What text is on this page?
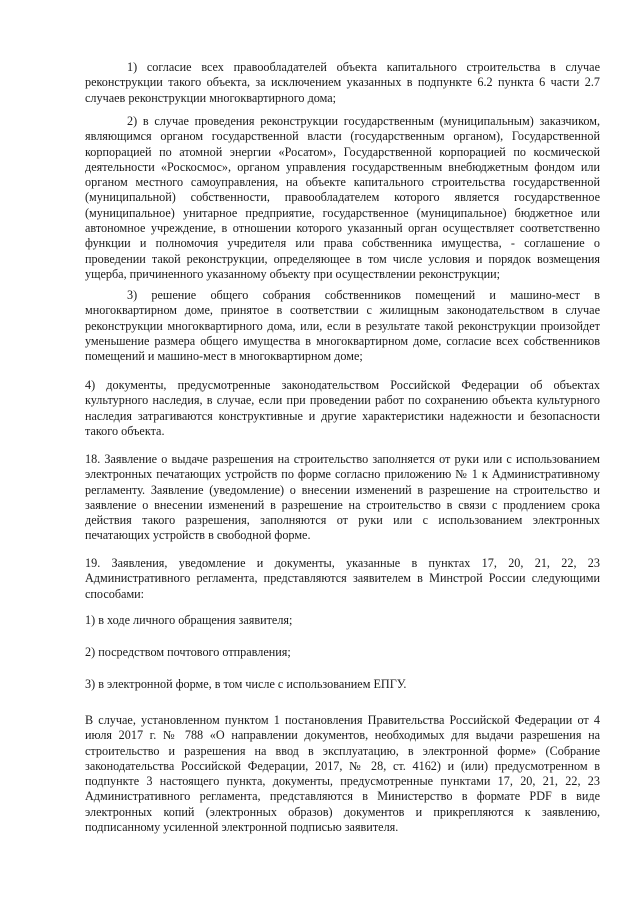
1) согласие всех правообладателей объекта капитального строительства в случае реконструкции такого объекта, за исключением указанных в подпункте 6.2 пункта 6 части 2.7 случаев реконструкции многоквартирного дома;

2) в случае проведения реконструкции государственным (муниципальным) заказчиком, являющимся органом государственной власти (государственным органом), Государственной корпорацией по атомной энергии «Росатом», Государственной корпорацией по космической деятельности «Роскосмос», органом управления государственным внебюджетным фондом или органом местного самоуправления, на объекте капитального строительства государственной (муниципальной) собственности, правообладателем которого является государственное (муниципальное) унитарное предприятие, государственное (муниципальное) бюджетное или автономное учреждение, в отношении которого указанный орган осуществляет соответственно функции и полномочия учредителя или права собственника имущества, - соглашение о проведении такой реконструкции, определяющее в том числе условия и порядок возмещения ущерба, причиненного указанному объекту при осуществлении реконструкции;

3) решение общего собрания собственников помещений и машино-мест в многоквартирном доме, принятое в соответствии с жилищным законодательством в случае реконструкции многоквартирного дома, или, если в результате такой реконструкции произойдет уменьшение размера общего имущества в многоквартирном доме, согласие всех собственников помещений и машино-мест в многоквартирном доме;

4) документы, предусмотренные законодательством Российской Федерации об объектах культурного наследия, в случае, если при проведении работ по сохранению объекта культурного наследия затрагиваются конструктивные и другие характеристики надежности и безопасности такого объекта.

18. Заявление о выдаче разрешения на строительство заполняется от руки или с использованием электронных печатающих устройств по форме согласно приложению № 1 к Административному регламенту. Заявление (уведомление) о внесении изменений в разрешение на строительство и заявление о внесении изменений в разрешение на строительство в связи с продлением срока действия такого разрешения, заполняются от руки или с использованием электронных печатающих устройств в свободной форме.

19. Заявления, уведомление и документы, указанные в пунктах 17, 20, 21, 22, 23 Административного регламента, представляются заявителем в Минстрой России следующими способами:

1) в ходе личного обращения заявителя;

2) посредством почтового отправления;

3) в электронной форме, в том числе с использованием ЕПГУ.

В случае, установленном пунктом 1 постановления Правительства Российской Федерации от 4 июля 2017 г. № 788 «О направлении документов, необходимых для выдачи разрешения на строительство и разрешения на ввод в эксплуатацию, в электронной форме» (Собрание законодательства Российской Федерации, 2017, № 28, ст. 4162) и (или) предусмотренном в подпункте 3 настоящего пункта, документы, предусмотренные пунктами 17, 20, 21, 22, 23 Административного регламента, представляются в Министерство в формате PDF в виде электронных копий (электронных образов) документов и прикрепляются к заявлению, подписанному усиленной электронной подписью заявителя.
